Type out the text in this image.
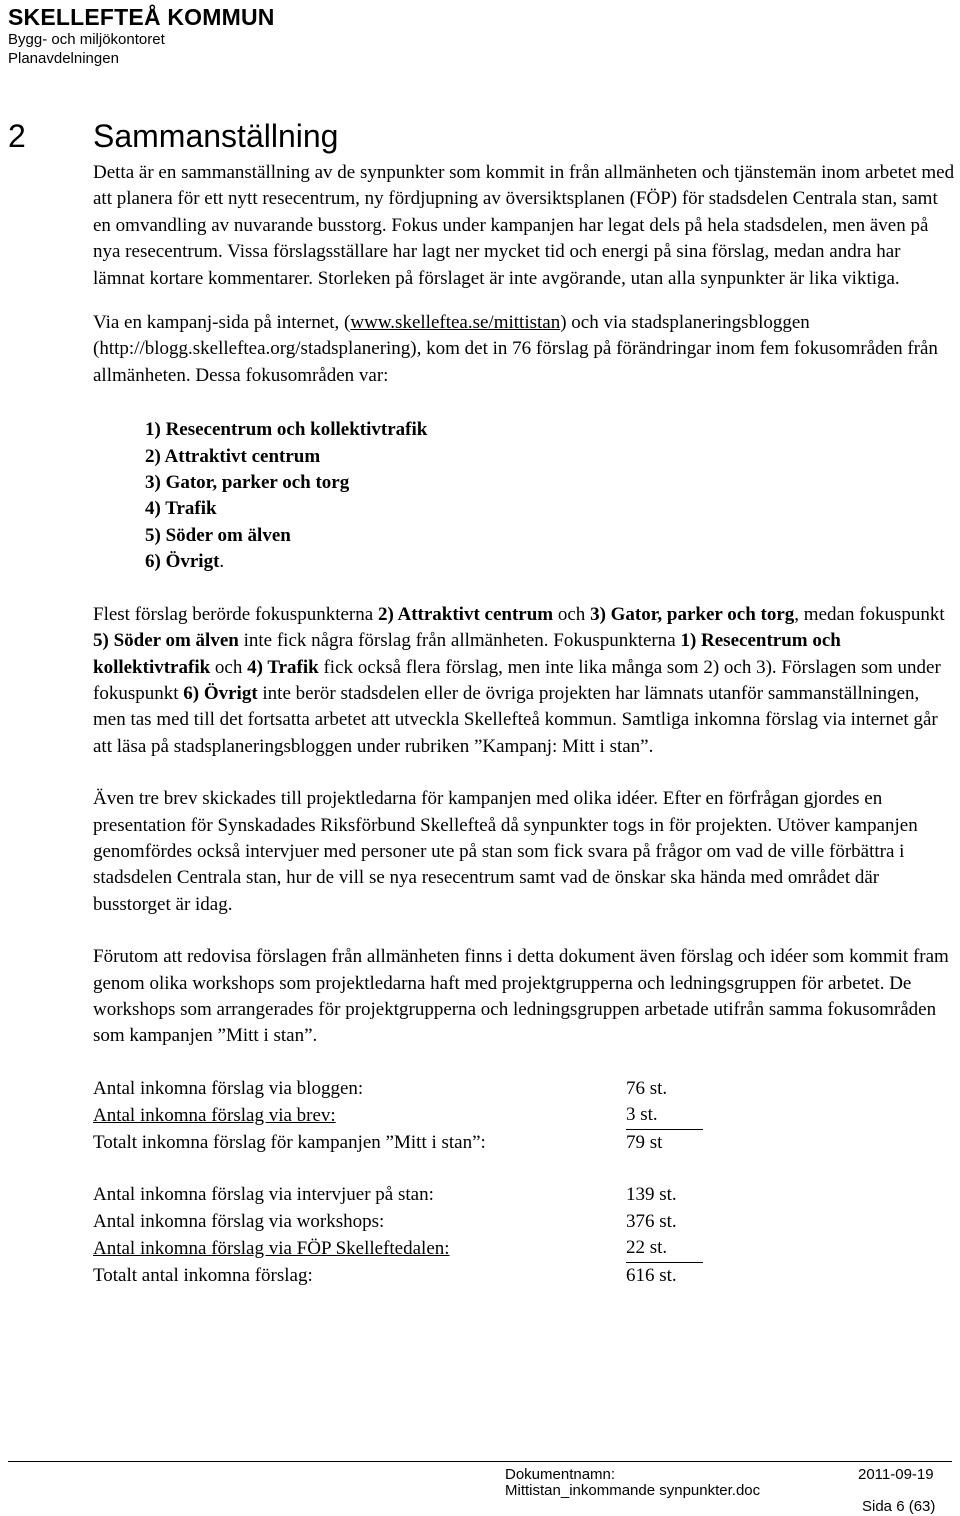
SKELLEFTEÅ KOMMUN
Bygg- och miljökontoret
Planavdelningen
2 Sammanställning

Detta är en sammanställning av de synpunkter som kommit in från allmänheten och tjänstemän inom arbetet med att planera för ett nytt resecentrum, ny fördjupning av översiktsplanen (FÖP) för stadsdelen Centrala stan, samt en omvandling av nuvarande busstorg. Fokus under kampanjen har legat dels på hela stadsdelen, men även på nya resecentrum. Vissa förslagsställare har lagt ner mycket tid och energi på sina förslag, medan andra har lämnat kortare kommentarer. Storleken på förslaget är inte avgörande, utan alla synpunkter är lika viktiga.

Via en kampanj-sida på internet, (www.skelleftea.se/mittistan) och via stadsplaneringsbloggen (http://blogg.skelleftea.org/stadsplanering), kom det in 76 förslag på förändringar inom fem fokusområden från allmänheten. Dessa fokusområden var:

1) Resecentrum och kollektivtrafik
2) Attraktivt centrum
3) Gator, parker och torg
4) Trafik
5) Söder om älven
6) Övrigt.

Flest förslag berörde fokuspunkterna 2) Attraktivt centrum och 3) Gator, parker och torg, medan fokuspunkt 5) Söder om älven inte fick några förslag från allmänheten. Fokuspunkterna 1) Resecentrum och kollektivtrafik och 4) Trafik fick också flera förslag, men inte lika många som 2) och 3). Förslagen som under fokuspunkt 6) Övrigt inte berör stadsdelen eller de övriga projekten har lämnats utanför sammanställningen, men tas med till det fortsatta arbetet att utveckla Skellefteå kommun. Samtliga inkomna förslag via internet går att läsa på stadsplaneringsbloggen under rubriken ”Kampanj: Mitt i stan”.

Även tre brev skickades till projektledarna för kampanjen med olika idéer. Efter en förfrågan gjordes en presentation för Synskadades Riksförbund Skellefteå då synpunkter togs in för projekten. Utöver kampanjen genomfördes också intervjuer med personer ute på stan som fick svara på frågor om vad de ville förbättra i stadsdelen Centrala stan, hur de vill se nya resecentrum samt vad de önskar ska hända med området där busstorget är idag.

Förutom att redovisa förslagen från allmänheten finns i detta dokument även förslag och idéer som kommit fram genom olika workshops som projektledarna haft med projektgrupperna och ledningsgruppen för arbetet. De workshops som arrangerades för projektgrupperna och ledningsgruppen arbetade utifrån samma fokusområden som kampanjen ”Mitt i stan”.

Antal inkomna förslag via bloggen:	76 st.
Antal inkomna förslag via brev:	3 st.
Totalt inkomna förslag för kampanjen ”Mitt i stan”:	79 st
Antal inkomna förslag via intervjuer på stan:	139 st.
Antal inkomna förslag via workshops:	376 st.
Antal inkomna förslag via FÖP Skelleftedalen:	22 st.
Totalt antal inkomna förslag:	616 st.
Dokumentnamn:
Mittistan_inkommande synpunkter.doc
2011-09-19
Sida 6 (63)
